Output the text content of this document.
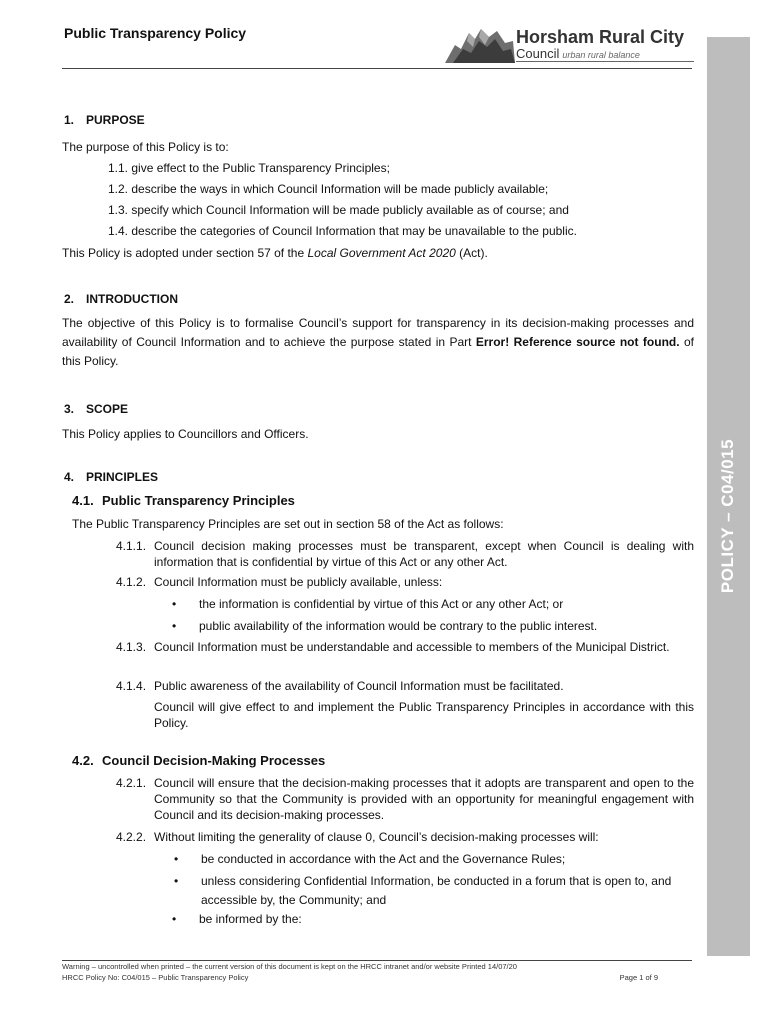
Public Transparency Policy	Horsham Rural City
Council urban rural balance
POLICY – C04/015
1. PURPOSE
The purpose of this Policy is to:
1.1. give effect to the Public Transparency Principles;
1.2. describe the ways in which Council Information will be made publicly available;
1.3. specify which Council Information will be made publicly available as of course; and
1.4. describe the categories of Council Information that may be unavailable to the public.
This Policy is adopted under section 57 of the Local Government Act 2020 (Act).
2. INTRODUCTION
The objective of this Policy is to formalise Council’s support for transparency in its decision-making processes and availability of Council Information and to achieve the purpose stated in Part Error! Reference source not found. of this Policy.
3. SCOPE
This Policy applies to Councillors and Officers.
4. PRINCIPLES
4.1. Public Transparency Principles
The Public Transparency Principles are set out in section 58 of the Act as follows:
4.1.1. Council decision making processes must be transparent, except when Council is dealing with information that is confidential by virtue of this Act or any other Act.
4.1.2. Council Information must be publicly available, unless:
• the information is confidential by virtue of this Act or any other Act; or
• public availability of the information would be contrary to the public interest.
4.1.3. Council Information must be understandable and accessible to members of the Municipal District.
4.1.4. Public awareness of the availability of Council Information must be facilitated.
Council will give effect to and implement the Public Transparency Principles in accordance with this Policy.
4.2. Council Decision-Making Processes
4.2.1. Council will ensure that the decision-making processes that it adopts are transparent and open to the Community so that the Community is provided with an opportunity for meaningful engagement with Council and its decision-making processes.
4.2.2. Without limiting the generality of clause 0, Council’s decision-making processes will:
• be conducted in accordance with the Act and the Governance Rules;
• unless considering Confidential Information, be conducted in a forum that is open to, and accessible by, the Community; and
• be informed by the:
Warning – uncontrolled when printed – the current version of this document is kept on the HRCC intranet and/or website Printed 14/07/20
HRCC Policy No: C04/015 – Public Transparency Policy	Page 1 of 9
